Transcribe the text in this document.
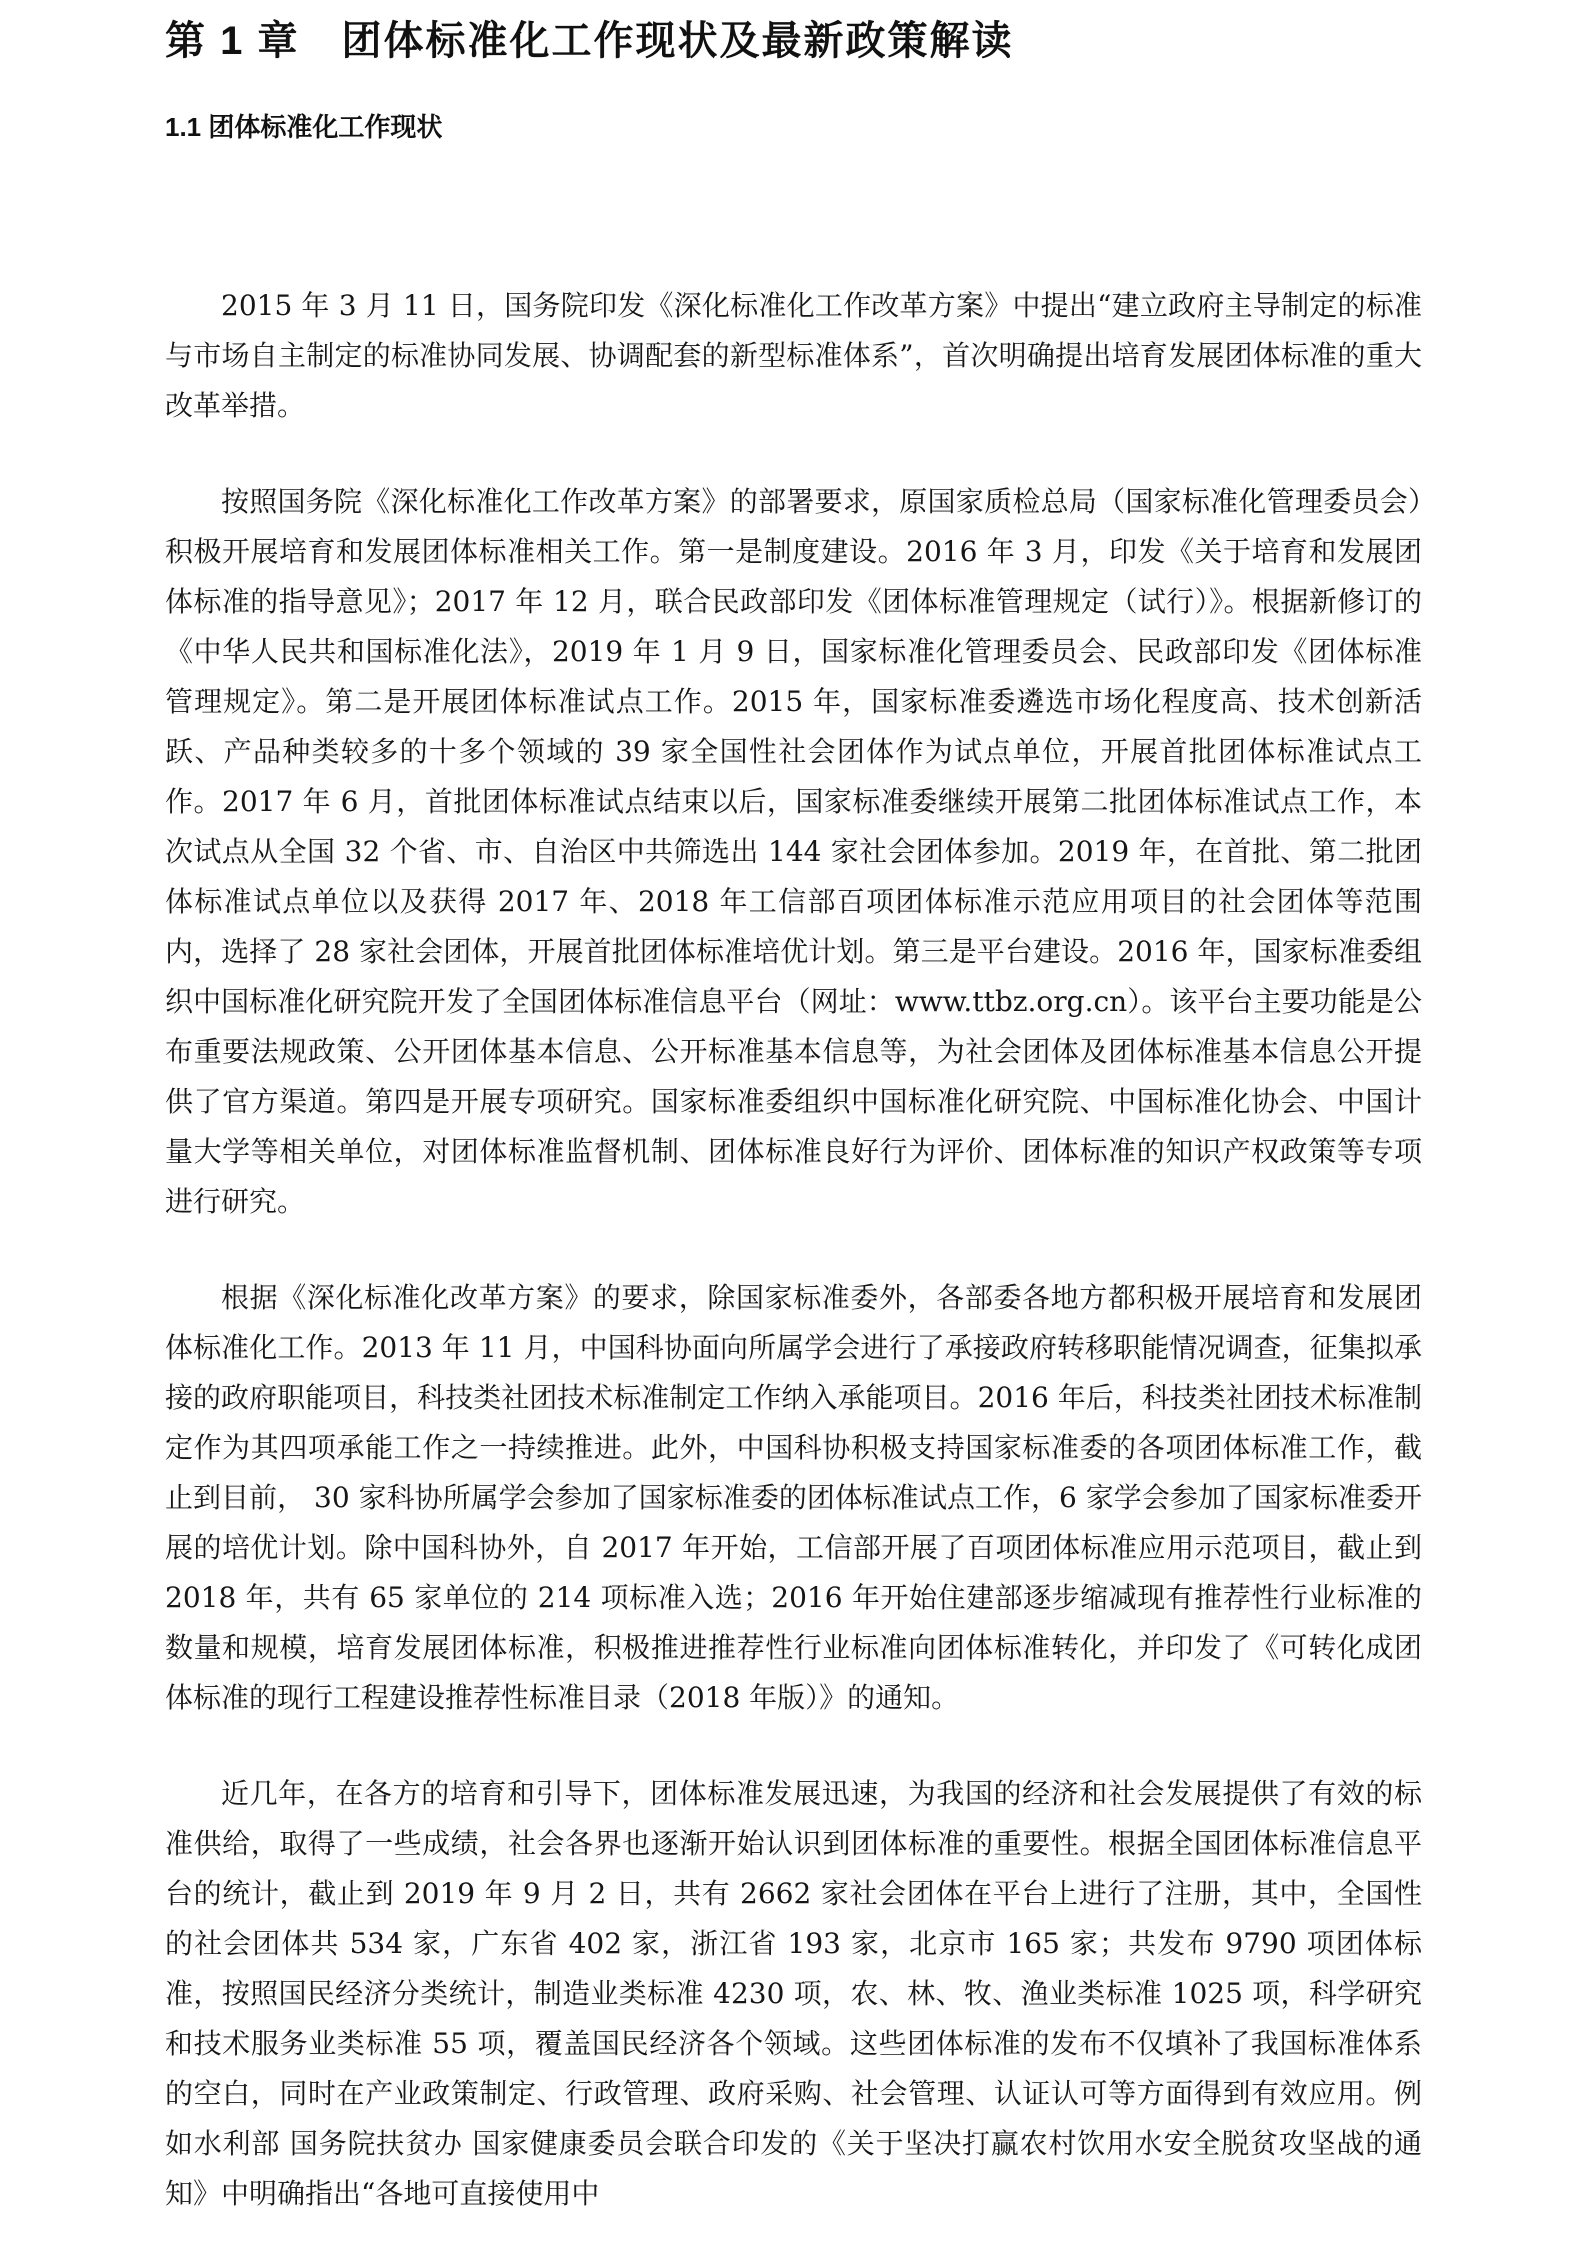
第 1 章　团体标准化工作现状及最新政策解读
1.1 团体标准化工作现状

2015 年 3 月 11 日，国务院印发《深化标准化工作改革方案》中提出“建立政府主导制定的标准与市场自主制定的标准协同发展、协调配套的新型标准体系”，首次明确提出培育发展团体标准的重大改革举措。

按照国务院《深化标准化工作改革方案》的部署要求，原国家质检总局（国家标准化管理委员会）积极开展培育和发展团体标准相关工作。第一是制度建设。2016 年 3 月，印发《关于培育和发展团体标准的指导意见》；2017 年 12 月，联合民政部印发《团体标准管理规定（试行）》。根据新修订的《中华人民共和国标准化法》，2019 年 1 月 9 日，国家标准化管理委员会、民政部印发《团体标准管理规定》。第二是开展团体标准试点工作。2015 年，国家标准委遴选市场化程度高、技术创新活跃、产品种类较多的十多个领域的 39 家全国性社会团体作为试点单位，开展首批团体标准试点工作。2017 年 6 月，首批团体标准试点结束以后，国家标准委继续开展第二批团体标准试点工作，本次试点从全国 32 个省、市、自治区中共筛选出 144 家社会团体参加。2019 年，在首批、第二批团体标准试点单位以及获得 2017 年、2018 年工信部百项团体标准示范应用项目的社会团体等范围内，选择了 28 家社会团体，开展首批团体标准培优计划。第三是平台建设。2016 年，国家标准委组织中国标准化研究院开发了全国团体标准信息平台（网址：www.ttbz.org.cn）。该平台主要功能是公布重要法规政策、公开团体基本信息、公开标准基本信息等，为社会团体及团体标准基本信息公开提供了官方渠道。第四是开展专项研究。国家标准委组织中国标准化研究院、中国标准化协会、中国计量大学等相关单位，对团体标准监督机制、团体标准良好行为评价、团体标准的知识产权政策等专项进行研究。

根据《深化标准化改革方案》的要求，除国家标准委外，各部委各地方都积极开展培育和发展团体标准化工作。2013 年 11 月，中国科协面向所属学会进行了承接政府转移职能情况调查，征集拟承接的政府职能项目，科技类社团技术标准制定工作纳入承能项目。2016 年后，科技类社团技术标准制定作为其四项承能工作之一持续推进。此外，中国科协积极支持国家标准委的各项团体标准工作，截止到目前， 30 家科协所属学会参加了国家标准委的团体标准试点工作，6 家学会参加了国家标准委开展的培优计划。除中国科协外，自 2017 年开始，工信部开展了百项团体标准应用示范项目，截止到 2018 年，共有 65 家单位的 214 项标准入选；2016 年开始住建部逐步缩减现有推荐性行业标准的数量和规模，培育发展团体标准，积极推进推荐性行业标准向团体标准转化，并印发了《可转化成团体标准的现行工程建设推荐性标准目录（2018 年版）》的通知。

近几年，在各方的培育和引导下，团体标准发展迅速，为我国的经济和社会发展提供了有效的标准供给，取得了一些成绩，社会各界也逐渐开始认识到团体标准的重要性。根据全国团体标准信息平台的统计，截止到 2019 年 9 月 2 日，共有 2662 家社会团体在平台上进行了注册，其中，全国性的社会团体共 534 家，广东省 402 家，浙江省 193 家，北京市 165 家；共发布 9790 项团体标准，按照国民经济分类统计，制造业类标准 4230 项，农、林、牧、渔业类标准 1025 项，科学研究和技术服务业类标准 55 项，覆盖国民经济各个领域。这些团体标准的发布不仅填补了我国标准体系的空白，同时在产业政策制定、行政管理、政府采购、社会管理、认证认可等方面得到有效应用。例如水利部 国务院扶贫办 国家健康委员会联合印发的《关于坚决打赢农村饮用水安全脱贫攻坚战的通知》中明确指出“各地可直接使用中
